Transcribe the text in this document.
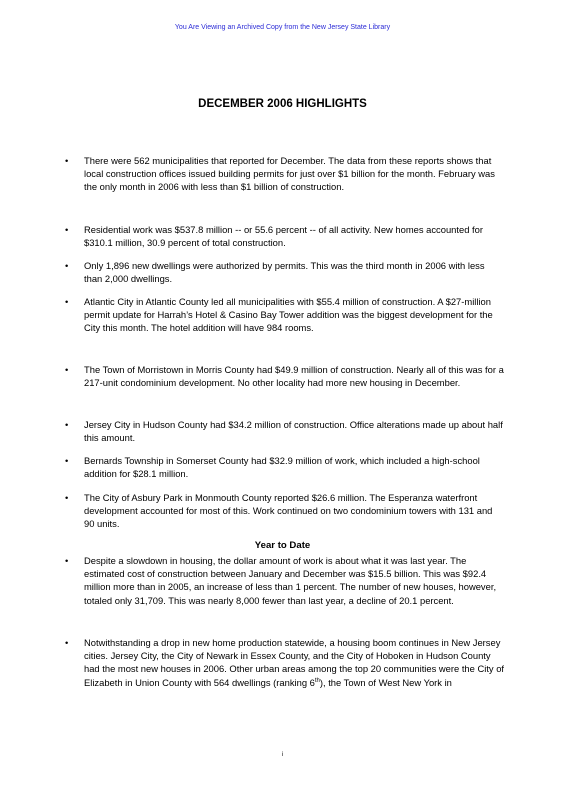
You Are Viewing an Archived Copy from the New Jersey State Library
DECEMBER 2006 HIGHLIGHTS
• There were 562 municipalities that reported for December. The data from these reports shows that local construction offices issued building permits for just over $1 billion for the month. February was the only month in 2006 with less than $1 billion of construction.
• Residential work was $537.8 million -- or 55.6 percent -- of all activity. New homes accounted for $310.1 million, 30.9 percent of total construction.
• Only 1,896 new dwellings were authorized by permits. This was the third month in 2006 with less than 2,000 dwellings.
• Atlantic City in Atlantic County led all municipalities with $55.4 million of construction. A $27-million permit update for Harrah’s Hotel & Casino Bay Tower addition was the biggest development for the City this month. The hotel addition will have 984 rooms.
• The Town of Morristown in Morris County had $49.9 million of construction. Nearly all of this was for a 217-unit condominium development. No other locality had more new housing in December.
• Jersey City in Hudson County had $34.2 million of construction. Office alterations made up about half this amount.
• Bernards Township in Somerset County had $32.9 million of work, which included a high-school addition for $28.1 million.
• The City of Asbury Park in Monmouth County reported $26.6 million. The Esperanza waterfront development accounted for most of this. Work continued on two condominium towers with 131 and 90 units.
Year to Date
• Despite a slowdown in housing, the dollar amount of work is about what it was last year. The estimated cost of construction between January and December was $15.5 billion. This was $92.4 million more than in 2005, an increase of less than 1 percent. The number of new houses, however, totaled only 31,709. This was nearly 8,000 fewer than last year, a decline of 20.1 percent.
• Notwithstanding a drop in new home production statewide, a housing boom continues in New Jersey cities. Jersey City, the City of Newark in Essex County, and the City of Hoboken in Hudson County had the most new houses in 2006. Other urban areas among the top 20 communities were the City of Elizabeth in Union County with 564 dwellings (ranking 6th), the Town of West New York in
i
